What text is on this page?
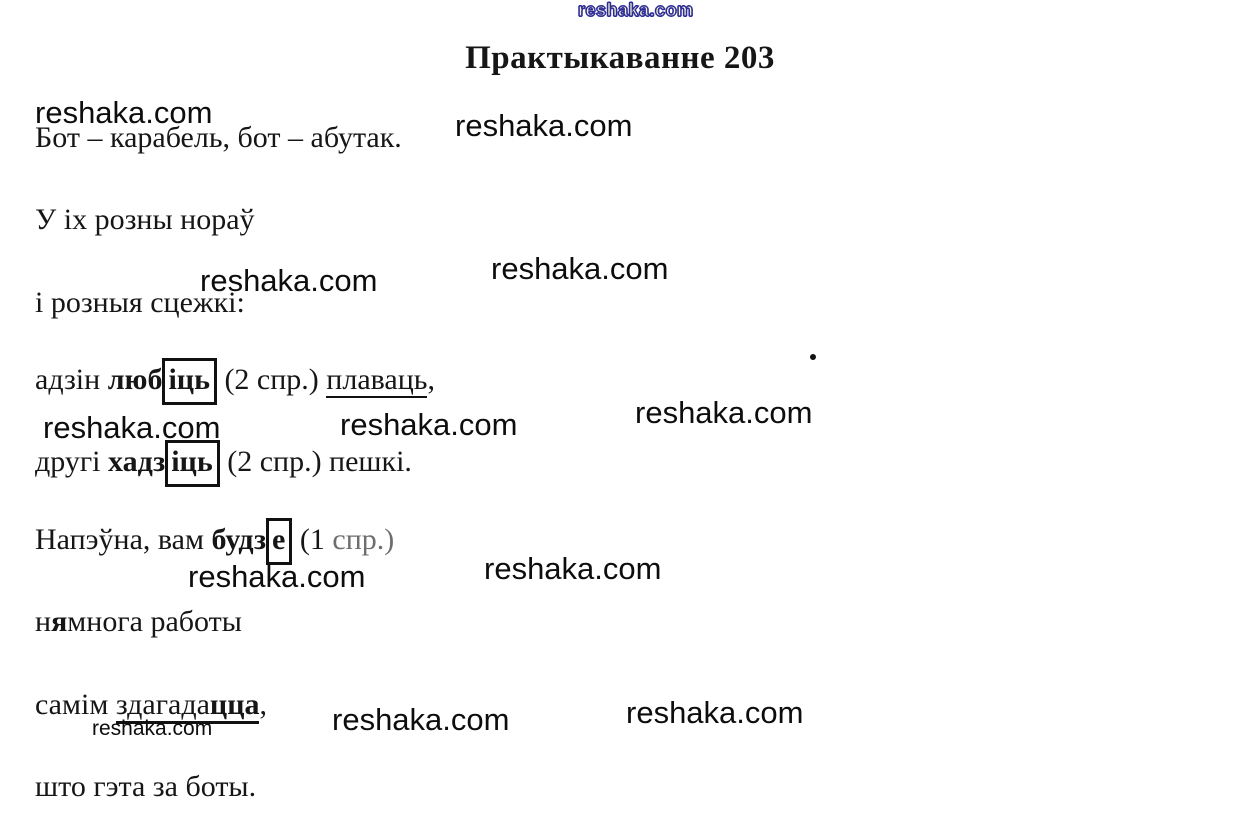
reshaka.com
Практыкаванне 203
Бот – карабель, бот – абутак.
У іх розны нораў
і розныя сцежкі:
адзін люб іць (2 спр.) плаваць,
другі хадз іць (2 спр.) пешкі.
Напэўна, вам будз е (1 спр.)
нямнога работы
самім здагадацца,
што гэта за боты.
reshaka.com	reshaka.com
reshaka.com	reshaka.com
reshaka.com	reshaka.com	reshaka.com
reshaka.com	reshaka.com
reshaka.com	reshaka.com	reshaka.com
